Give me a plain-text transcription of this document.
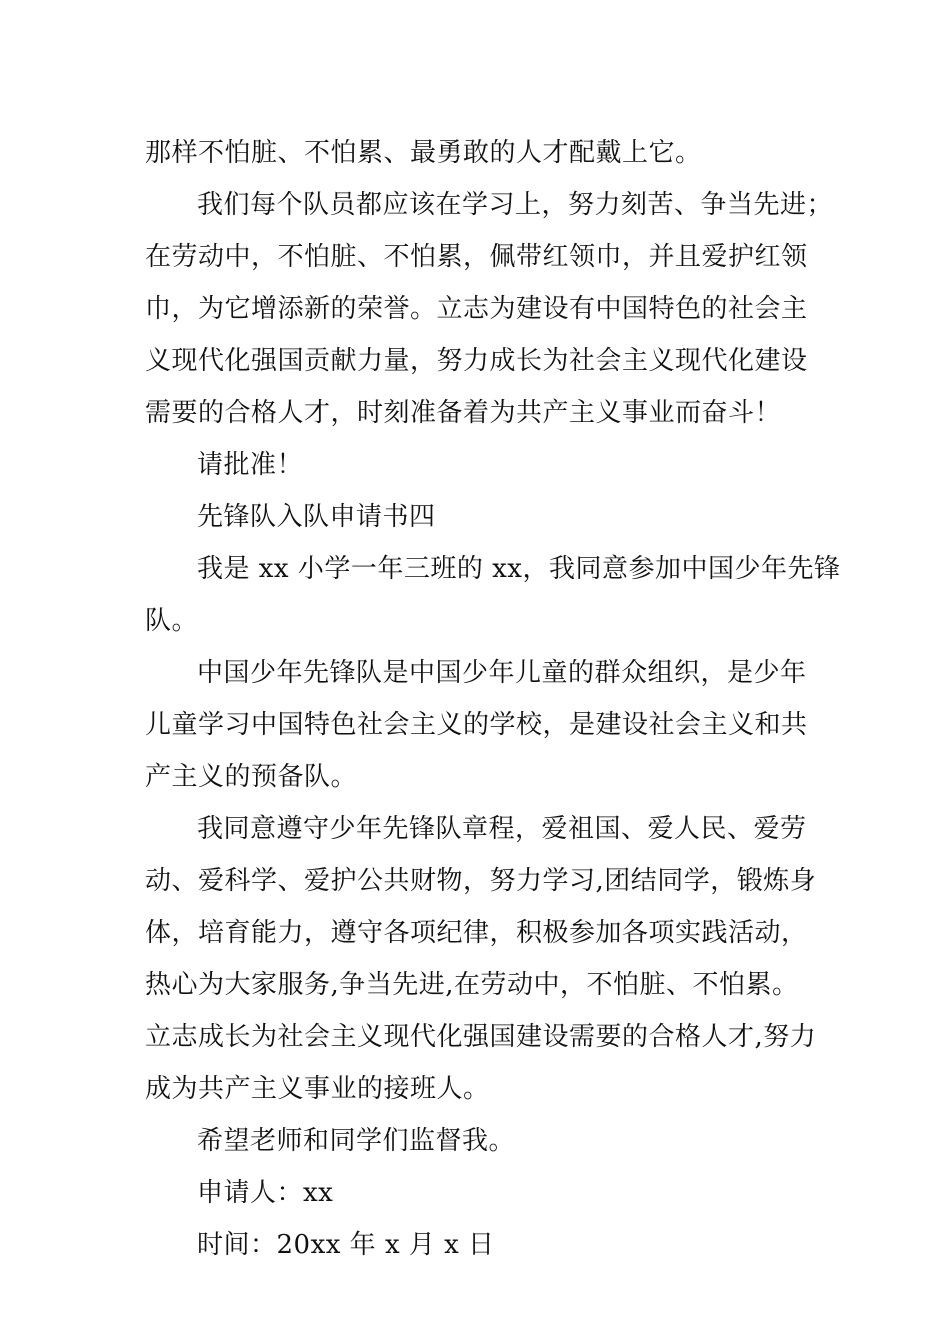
那样不怕脏、不怕累、最勇敢的人才配戴上它。

我们每个队员都应该在学习上，努力刻苦、争当先进；
在劳动中，不怕脏、不怕累，佩带红领巾，并且爱护红领
巾，为它增添新的荣誉。立志为建设有中国特色的社会主
义现代化强国贡献力量，努力成长为社会主义现代化建设
需要的合格人才，时刻准备着为共产主义事业而奋斗！

请批准！

先锋队入队申请书四

我是 xx 小学一年三班的 xx，我同意参加中国少年先锋
队。

中国少年先锋队是中国少年儿童的群众组织，是少年
儿童学习中国特色社会主义的学校，是建设社会主义和共
产主义的预备队。

我同意遵守少年先锋队章程，爱祖国、爱人民、爱劳
动、爱科学、爱护公共财物，努力学习,团结同学，锻炼身
体，培育能力，遵守各项纪律，积极参加各项实践活动，
热心为大家服务,争当先进,在劳动中，不怕脏、不怕累。
立志成长为社会主义现代化强国建设需要的合格人才,努力
成为共产主义事业的接班人。

希望老师和同学们监督我。

申请人：xx

时间：20xx 年 x 月 x 日
